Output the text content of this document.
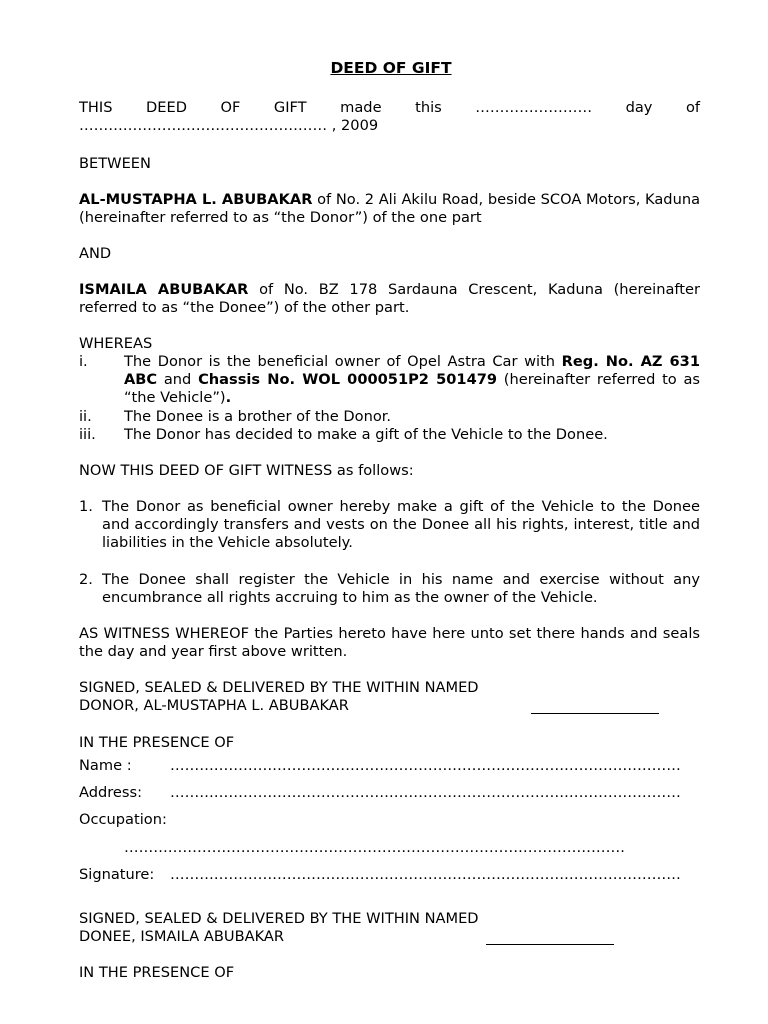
DEED OF GIFT
THIS DEED OF GIFT made this …………………… day of
…………………………………………… , 2009
BETWEEN
AL-MUSTAPHA L. ABUBAKAR of No. 2 Ali Akilu Road, beside SCOA Motors, Kaduna (hereinafter referred to as “the Donor”) of the one part
AND
ISMAILA ABUBAKAR of No. BZ 178 Sardauna Crescent, Kaduna (hereinafter referred to as “the Donee”) of the other part.
WHEREAS
i. The Donor is the beneficial owner of Opel Astra Car with Reg. No. AZ 631 ABC and Chassis No. WOL 000051P2 501479 (hereinafter referred to as “the Vehicle”).
ii. The Donee is a brother of the Donor.
iii. The Donor has decided to make a gift of the Vehicle to the Donee.
NOW THIS DEED OF GIFT WITNESS as follows:
1. The Donor as beneficial owner hereby make a gift of the Vehicle to the Donee and accordingly transfers and vests on the Donee all his rights, interest, title and liabilities in the Vehicle absolutely.
2. The Donee shall register the Vehicle in his name and exercise without any encumbrance all rights accruing to him as the owner of the Vehicle.
AS WITNESS WHEREOF the Parties hereto have here unto set there hands and seals the day and year first above written.
SIGNED, SEALED & DELIVERED BY THE WITHIN NAMED
DONOR, AL-MUSTAPHA L. ABUBAKAR
IN THE PRESENCE OF
Name :	……………………………………………………………………………………………
Address: ……………………………………………………………………………………………
Occupation:
………………………………………………………………………………………….
Signature: ……………………………………………………………………………………………
SIGNED, SEALED & DELIVERED BY THE WITHIN NAMED
DONEE, ISMAILA ABUBAKAR
IN THE PRESENCE OF
